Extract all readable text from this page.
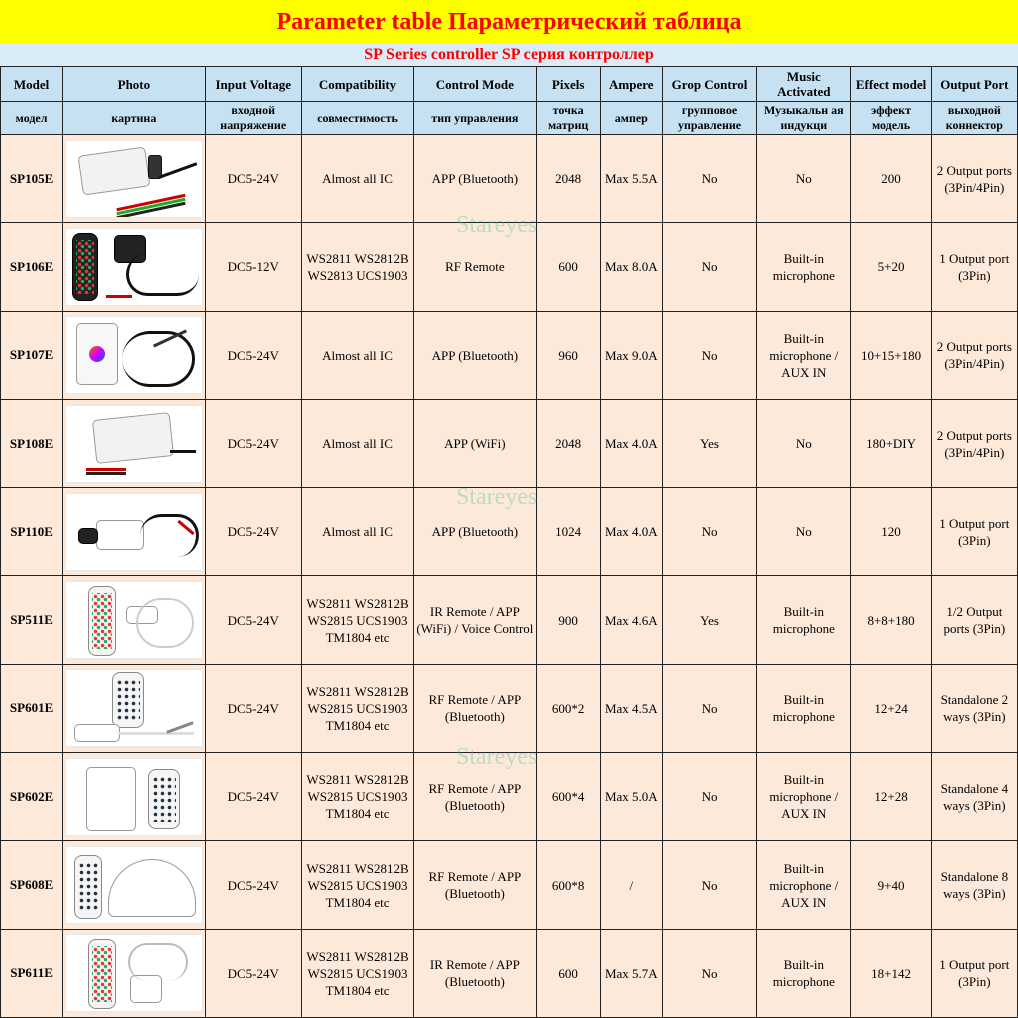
Parameter table Параметрический таблица
SP Series controller SP серия контроллер
Model	Photo	Input Voltage	Compatibility	Control Mode	Pixels	Ampere	Grop Control	Music Activated	Effect model	Output Port
модел	картина	входной напряжение	совместимость	тип управления	точка матриц	ампер	групповое управление	Музыкальн ая индукци	эффект модель	выходной коннектор
SP105E		DC5-24V	Almost all IC	APP (Bluetooth)	2048	Max 5.5A	No	No	200	2 Output ports (3Pin/4Pin)
SP106E		DC5-12V	WS2811 WS2812B WS2813 UCS1903	RF Remote	600	Max 8.0A	No	Built-in microphone	5+20	1 Output port (3Pin)
SP107E		DC5-24V	Almost all IC	APP (Bluetooth)	960	Max 9.0A	No	Built-in microphone / AUX IN	10+15+180	2 Output ports (3Pin/4Pin)
SP108E		DC5-24V	Almost all IC	APP (WiFi)	2048	Max 4.0A	Yes	No	180+DIY	2 Output ports (3Pin/4Pin)
SP110E		DC5-24V	Almost all IC	APP (Bluetooth)	1024	Max 4.0A	No	No	120	1 Output port (3Pin)
SP511E		DC5-24V	WS2811 WS2812B WS2815 UCS1903 TM1804 etc	IR Remote / APP (WiFi) / Voice Control	900	Max 4.6A	Yes	Built-in microphone	8+8+180	1/2 Output ports (3Pin)
SP601E		DC5-24V	WS2811 WS2812B WS2815 UCS1903 TM1804 etc	RF Remote / APP (Bluetooth)	600*2	Max 4.5A	No	Built-in microphone	12+24	Standalone 2 ways (3Pin)
SP602E		DC5-24V	WS2811 WS2812B WS2815 UCS1903 TM1804 etc	RF Remote / APP (Bluetooth)	600*4	Max 5.0A	No	Built-in microphone / AUX IN	12+28	Standalone 4 ways (3Pin)
SP608E		DC5-24V	WS2811 WS2812B WS2815 UCS1903 TM1804 etc	RF Remote / APP (Bluetooth)	600*8	/	No	Built-in microphone / AUX IN	9+40	Standalone 8 ways (3Pin)
SP611E		DC5-24V	WS2811 WS2812B WS2815 UCS1903 TM1804 etc	IR Remote / APP (Bluetooth)	600	Max 5.7A	No	Built-in microphone	18+142	1 Output port (3Pin)
Stareyes
Stareyes
Stareyes
